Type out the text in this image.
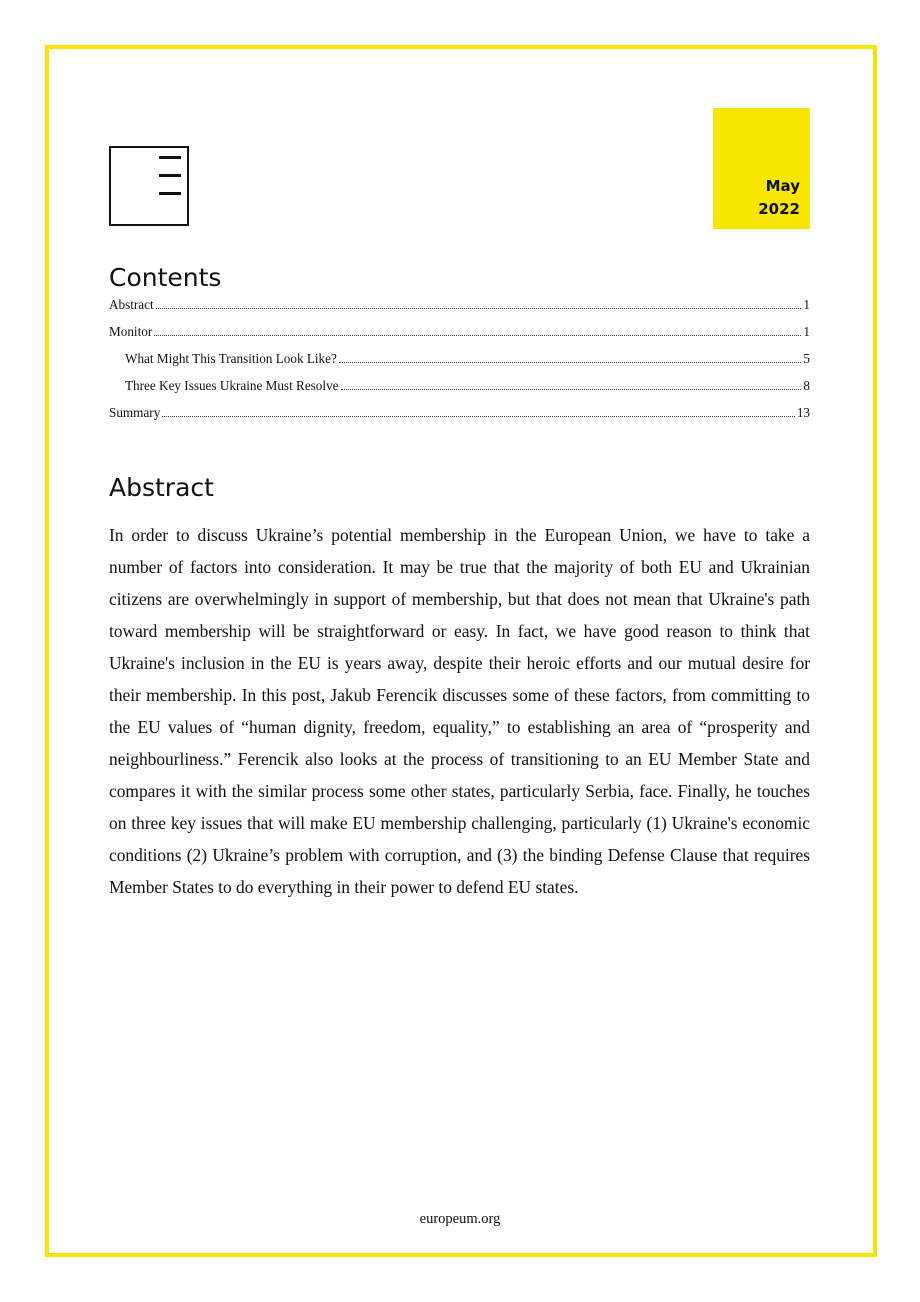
May
2022
Contents
Abstract	1
Monitor	1
What Might This Transition Look Like?	5
Three Key Issues Ukraine Must Resolve	8
Summary	13
Abstract

In order to discuss Ukraine’s potential membership in the European Union, we have to take a number of factors into consideration. It may be true that the majority of both EU and Ukrainian citizens are overwhelmingly in support of membership, but that does not mean that Ukraine's path toward membership will be straightforward or easy. In fact, we have good reason to think that Ukraine's inclusion in the EU is years away, despite their heroic efforts and our mutual desire for their membership. In this post, Jakub Ferencik discusses some of these factors, from committing to the EU values of “human dignity, freedom, equality,” to establishing an area of “prosperity and neighbourliness.” Ferencik also looks at the process of transitioning to an EU Member State and compares it with the similar process some other states, particularly Serbia, face. Finally, he touches on three key issues that will make EU membership challenging, particularly (1) Ukraine's economic conditions (2) Ukraine’s problem with corruption, and (3) the binding Defense Clause that requires Member States to do everything in their power to defend EU states.

europeum.org
